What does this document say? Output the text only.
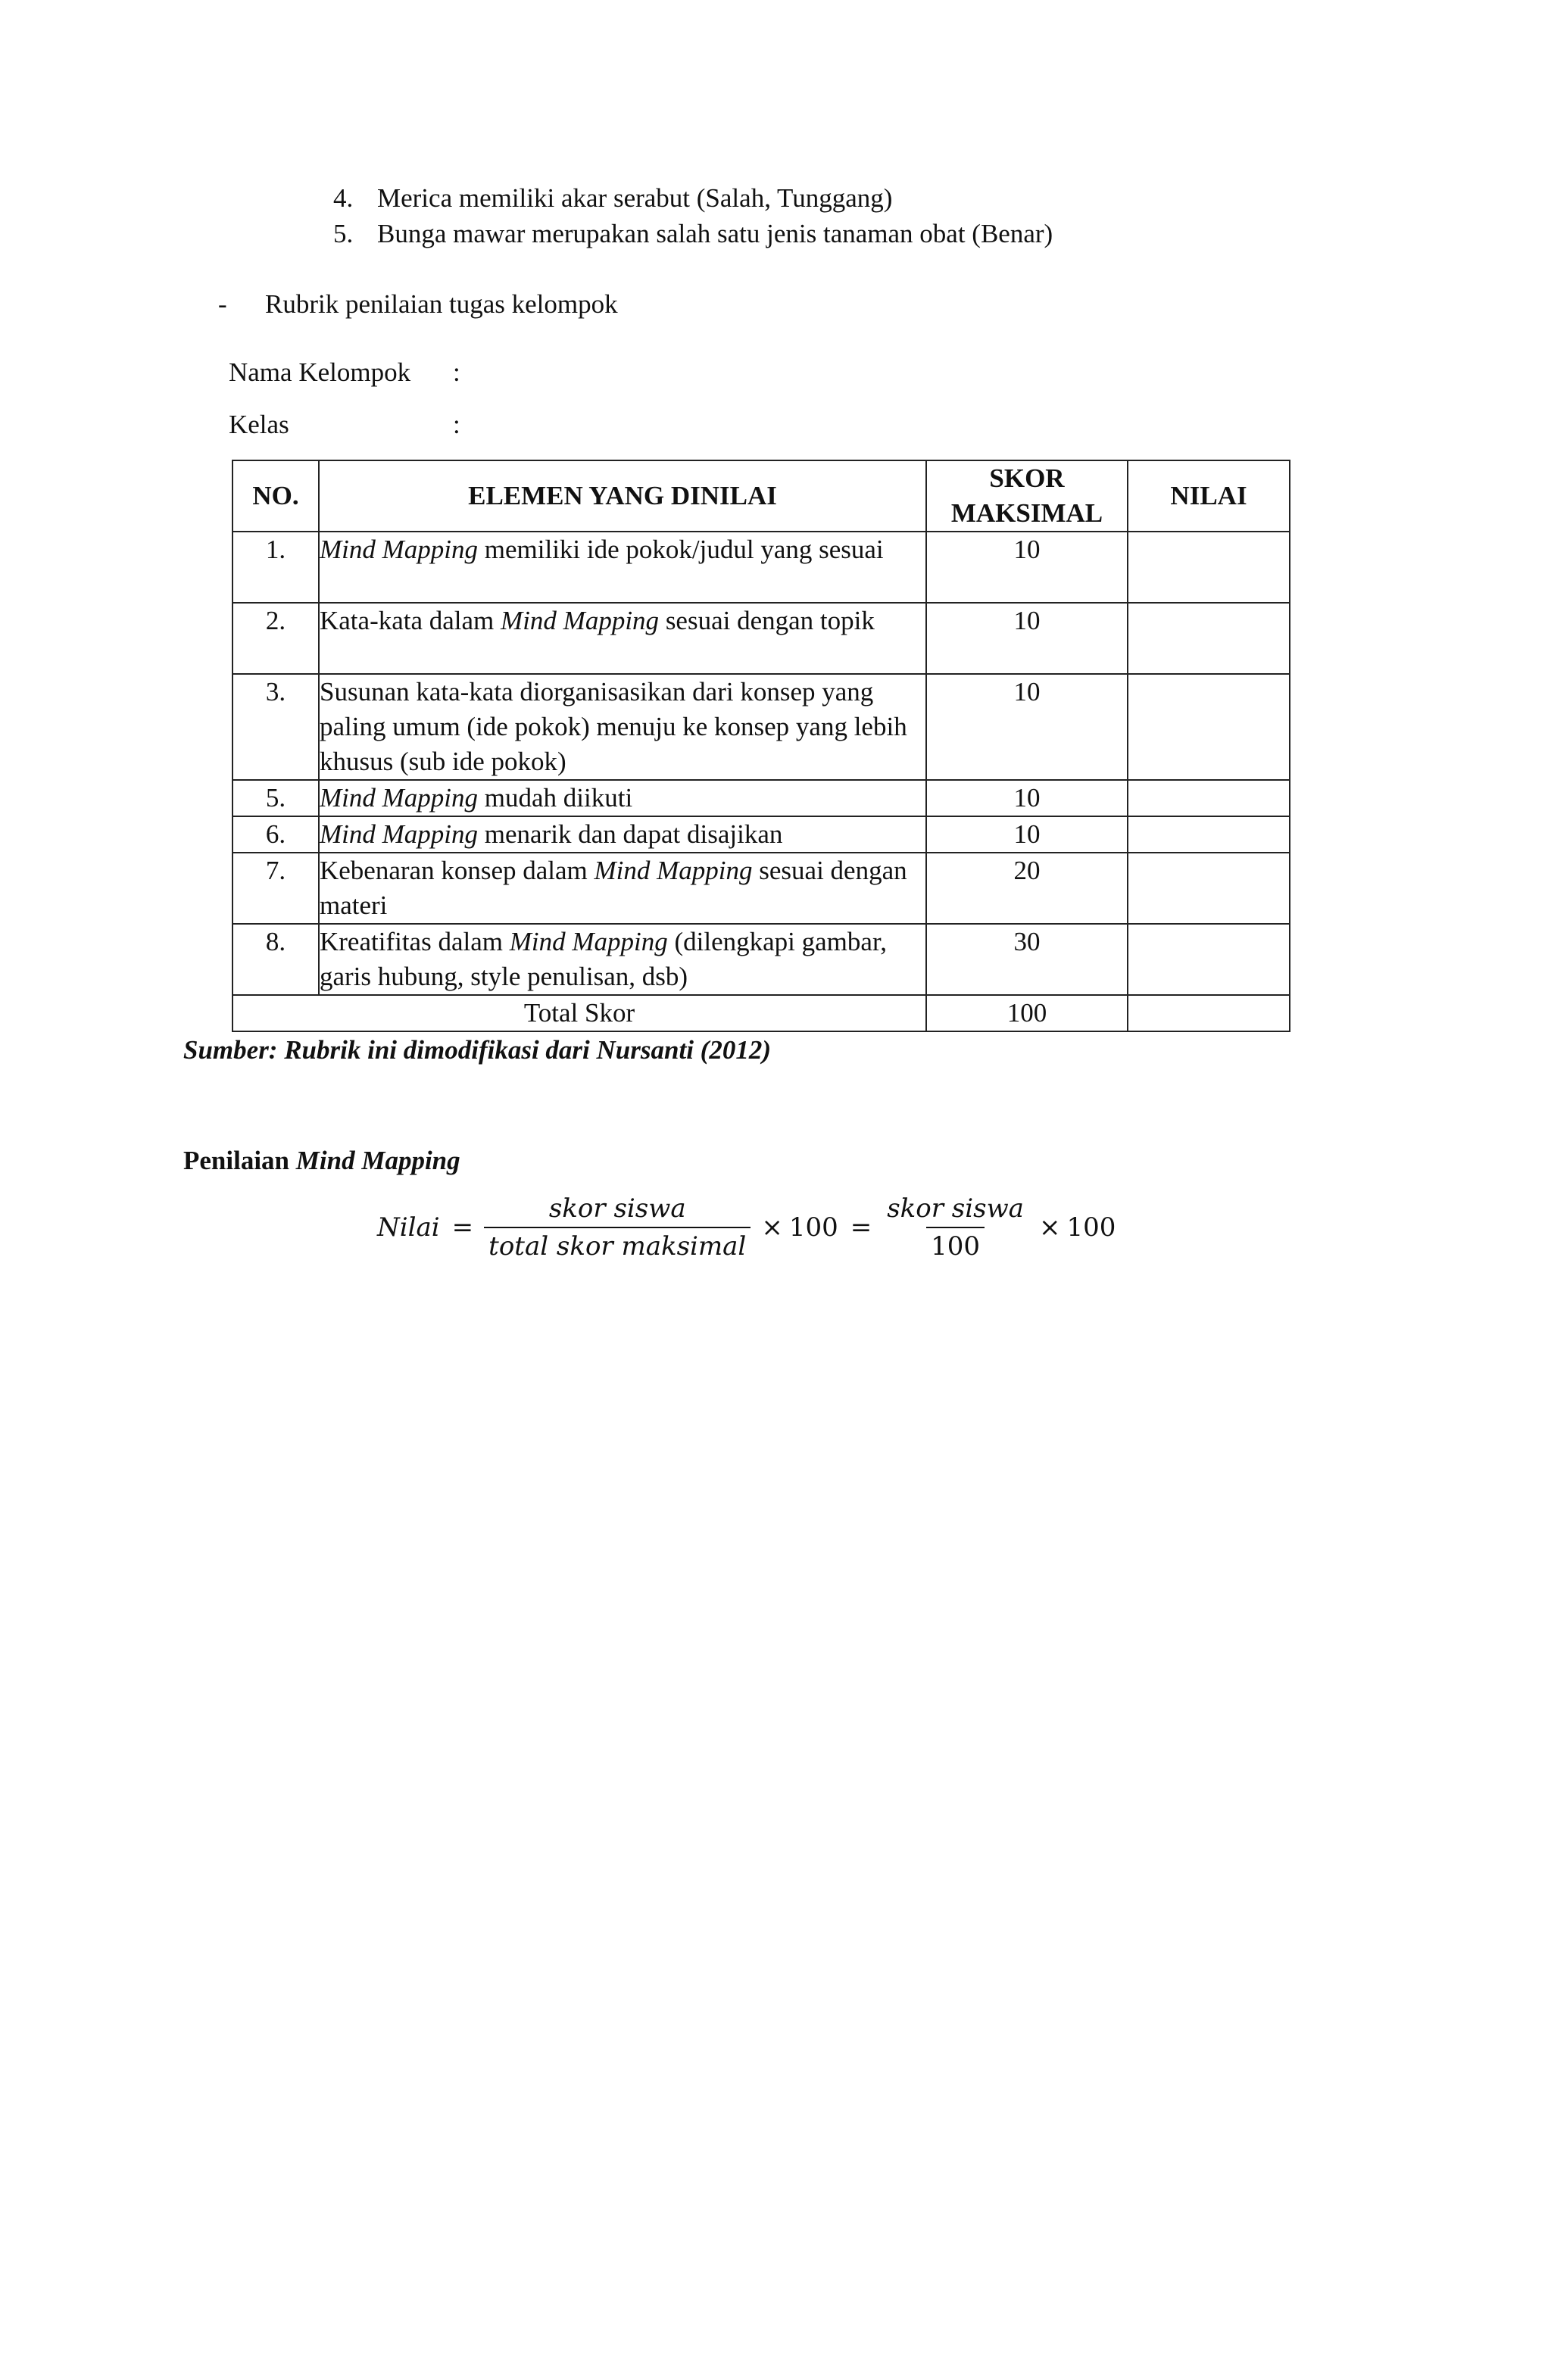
4. Merica memiliki akar serabut (Salah, Tunggang)
5. Bunga mawar merupakan salah satu jenis tanaman obat (Benar)
- Rubrik penilaian tugas kelompok
Nama Kelompok :
Kelas	:
NO.	ELEMEN YANG DINILAI	SKOR MAKSIMAL	NILAI
1.	Mind Mapping memiliki ide pokok/judul yang sesuai	10	
2.	Kata-kata dalam Mind Mapping sesuai dengan topik	10	
3.	Susunan kata-kata diorganisasikan dari konsep yang paling umum (ide pokok) menuju ke konsep yang lebih khusus (sub ide pokok)	10	
5.	Mind Mapping mudah diikuti	10	
6.	Mind Mapping menarik dan dapat disajikan	10	
7.	Kebenaran konsep dalam Mind Mapping sesuai dengan materi	20	
8.	Kreatifitas dalam Mind Mapping (dilengkapi gambar, garis hubung, style penulisan, dsb)	30	
Total Skor		100	
Sumber: Rubrik ini dimodifikasi dari Nursanti (2012)
Penilaian Mind Mapping
Nilai = $\frac{\text{skor siswa}}{\text{total skor maksimal}} \times 100 = \frac{\text{skor siswa}}{100} \times 100$
